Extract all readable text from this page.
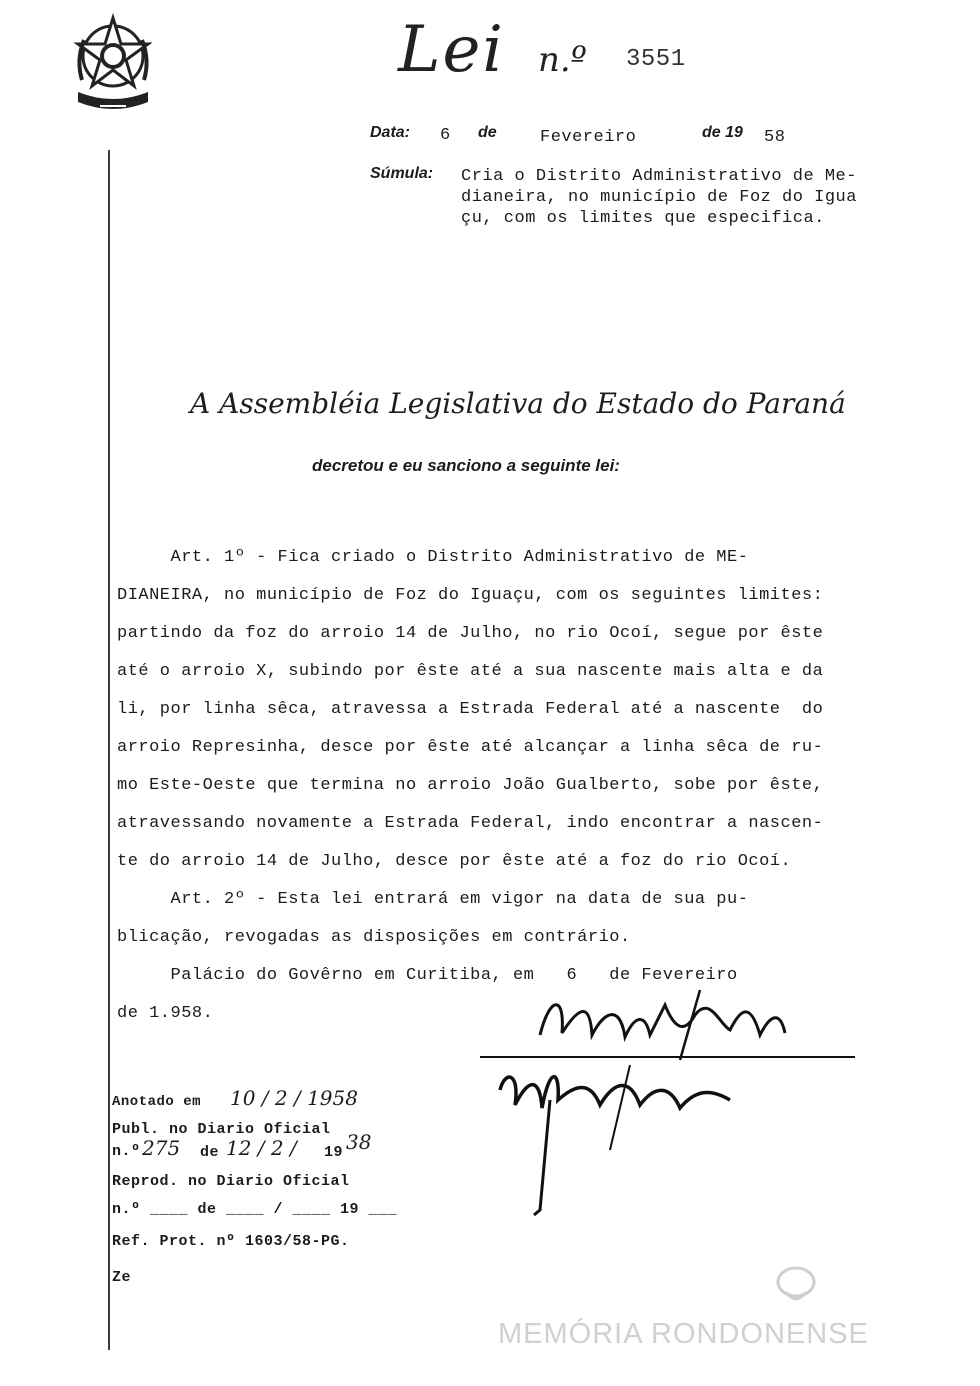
Lei n.º 3551
Data: 6 de	Fevereiro	de 19 58
Súmula: Cria o Distrito Administrativo de Me-
dianeira, no município de Foz do Igua
çu, com os limites que especifica.
A Assembléia Legislativa do Estado do Paraná
decretou e eu sanciono a seguinte lei:
Art. 1º - Fica criado o Distrito Administrativo de ME-
DIANEIRA, no município de Foz do Iguaçu, com os seguintes limites:
partindo da foz do arroio 14 de Julho, no rio Ocoí, segue por êste
até o arroio X, subindo por êste até a sua nascente mais alta e da
li, por linha sêca, atravessa a Estrada Federal até a nascente  do
arroio Represinha, desce por êste até alcançar a linha sêca de ru-
mo Este-Oeste que termina no arroio João Gualberto, sobe por êste,
atravessando novamente a Estrada Federal, indo encontrar a nascen-
te do arroio 14 de Julho, desce por êste até a foz do rio Ocoí.
Art. 2º - Esta lei entrará em vigor na data de sua pu-
blicação, revogadas as disposições em contrário.
Palácio do Govêrno em Curitiba, em   6   de Fevereiro
de 1.958.
Anotado em 10 / 2 / 1958
Publ. no Diario Oficial
n.º 275 de 12 / 2 / 19 38
Reprod. no Diario Oficial
n.º ____ de ____ / ____ 19 ___
Ref. Prot. nº 1603/58-PG.
Ze
MEMÓRIA RONDONENSE
